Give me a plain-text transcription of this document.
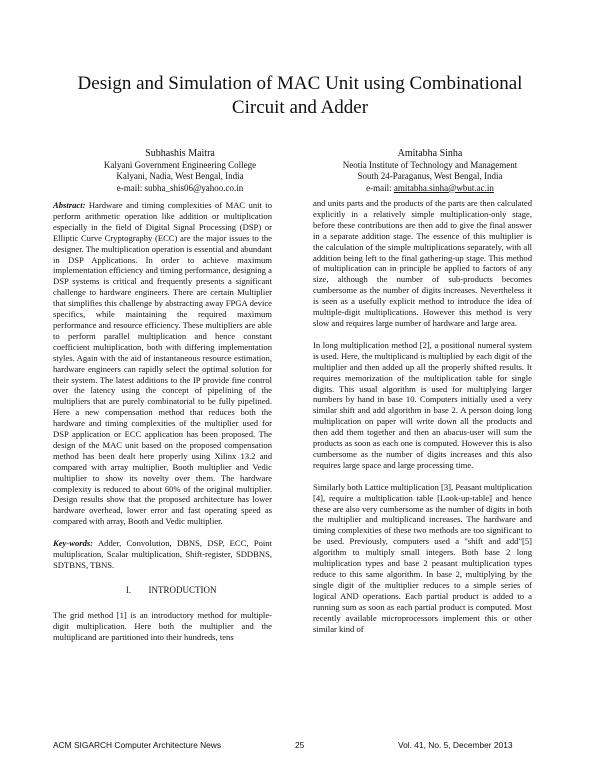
Design and Simulation of MAC Unit using Combinational
Circuit and Adder
Subhashis Maitra
Kalyani Government Engineering College
Kalyani, Nadia, West Bengal, India
e-mail: subha_shis06@yahoo.co.in
Amitabha Sinha
Neotia Institute of Technology and Management
South 24-Paraganus, West Bengal, India
e-mail: amitabha.sinha@wbut.ac.in

Abstract: Hardware and timing complexities of MAC unit to perform arithmetic operation like addition or multiplication especially in the field of Digital Signal Processing (DSP) or Elliptic Curve Cryptography (ECC) are the major issues to the designer. The multiplication operation is essential and abundant in DSP Applications. In order to achieve maximum implementation efficiency and timing performance, designing a DSP systems is critical and frequently presents a significant challenge to hardware engineers. There are certain Multiplier that simplifies this challenge by abstracting away FPGA device specifics, while maintaining the required maximum performance and resource efficiency. These multipliers are able to perform parallel multiplication and hence constant coefficient multiplication, both with differing implementation styles. Again with the aid of instantaneous resource estimation, hardware engineers can rapidly select the optimal solution for their system. The latest additions to the IP provide fine control over the latency using the concept of pipelining of the multipliers that are purely combinatorial to be fully pipelined. Here a new compensation method that reduces both the hardware and timing complexities of the multiplier used for DSP application or ECC application has been proposed. The design of the MAC unit based on the proposed compensation method has been dealt here properly using Xilinx 13.2 and compared with array multiplier, Booth multiplier and Vedic multiplier to show its novelty over them. The hardware complexity is reduced to about 60% of the original multiplier. Design results show that the proposed architecture has lower hardware overhead, lower error and fast operating speed as compared with array, Booth and Vedic multiplier.

Key-words: Adder, Convolution, DBNS, DSP, ECC, Point multiplication, Scalar multiplication, Shift-register, SDDBNS, SDTBNS, TBNS.

I. INTRODUCTION

The grid method [1] is an introductory method for multiple-digit multiplication. Here both the multiplier and the multiplicand are partitioned into their hundreds, tens

and units parts and the products of the parts are then calculated explicitly in a relatively simple multiplication-only stage, before these contributions are then add to give the final answer in a separate addition stage. The essence of this multiplier is the calculation of the simple multiplications separately, with all addition being left to the final gathering-up stage. This method of multiplication can in principle be applied to factors of any size, although the number of sub-products becomes cumbersome as the number of digits increases. Nevertheless it is seen as a usefully explicit method to introduce the idea of multiple-digit multiplications. However this method is very slow and requires large number of hardware and large area.

In long multiplication method [2], a positional numeral system is used. Here, the multiplicand is multiplied by each digit of the multiplier and then added up all the properly shifted results. It requires memorization of the multiplication table for single digits. This usual algorithm is used for multiplying larger numbers by hand in base 10. Computers initially used a very similar shift and add algorithm in base 2. A person doing long multiplication on paper will write down all the products and then add them together and then an abacus-user will sum the products as soon as each one is computed. However this is also cumbersome as the number of digits increases and this also requires large space and large processing time.

Similarly both Lattice multiplication [3], Peasant multiplication [4], require a multiplication table [Look-up-table] and hence these are also very cumbersome as the number of digits in both the multiplier and multiplicand increases. The hardware and timing complexities of these two methods are too significant to be used. Previously, computers used a "shift and add"[5] algorithm to multiply small integers. Both base 2 long multiplication types and base 2 peasant multiplication types reduce to this same algorithm. In base 2, multiplying by the single digit of the multiplier reduces to a simple series of logical AND operations. Each partial product is added to a running sum as soon as each partial product is computed. Most recently available microprocessors implement this or other similar kind of

ACM SIGARCH Computer Architecture News	25	Vol. 41, No. 5, December 2013
